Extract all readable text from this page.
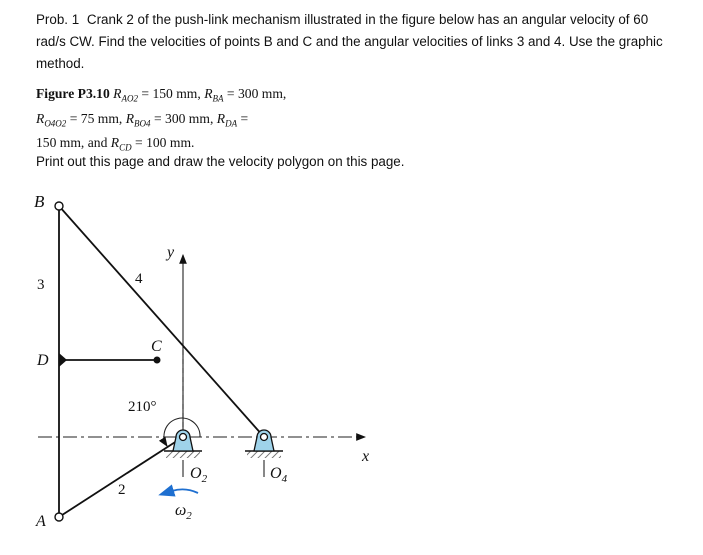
Prob. 1 Crank 2 of the push-link mechanism illustrated in the figure below has an angular velocity of 60 rad/s CW. Find the velocities of points B and C and the angular velocities of links 3 and 4. Use the graphic method.

Figure P3.10 $R_{AO2} = 150$ mm, $R_{BA} = 300$ mm,
$R_{O4O2} = 75$ mm, $R_{BO4} = 300$ mm, $R_{DA}$ =
150 mm, and $R_{CD} = 100$ mm.

Print out this page and draw the velocity polygon on this page.

B
A
D
C
3	4
2
210°
x
y
$O_2$	$O_4$
$\omega_2$
